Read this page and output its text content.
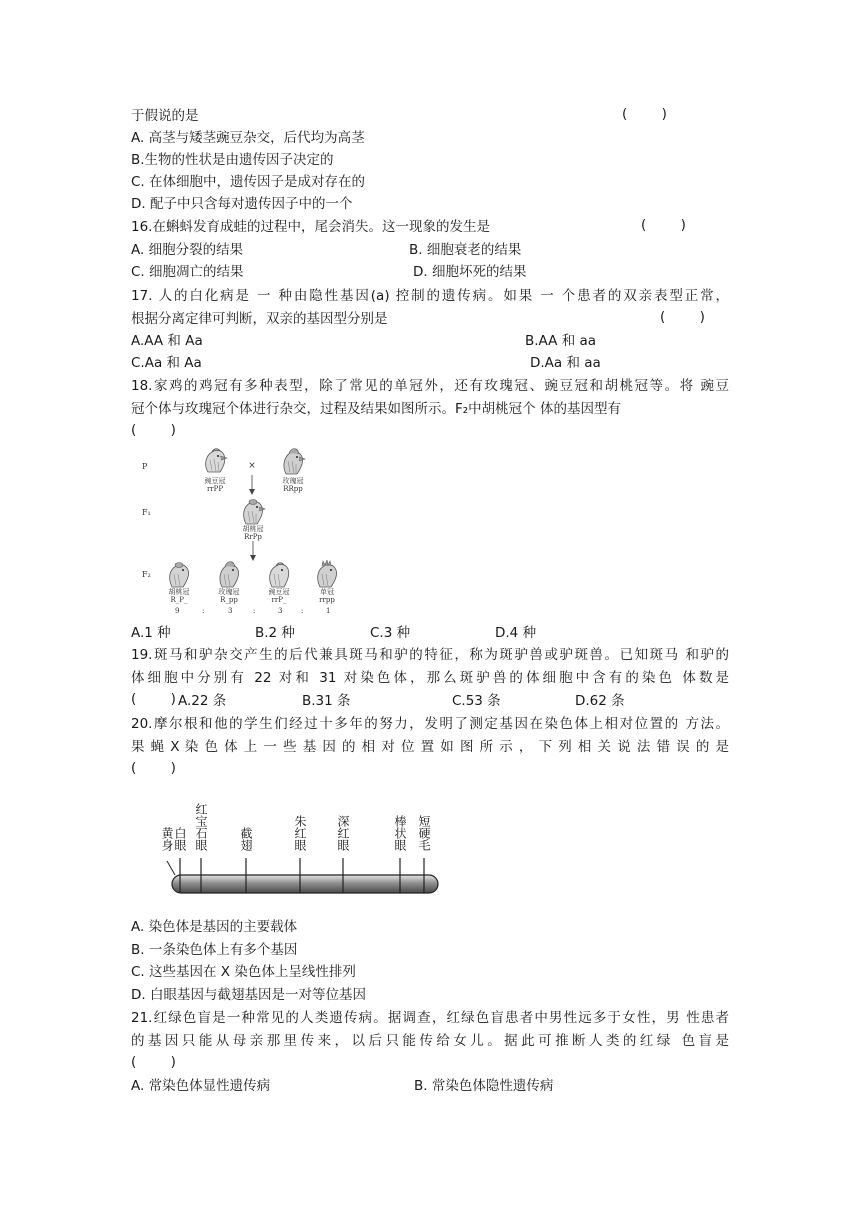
于假说的是	(        )
A. 高茎与矮茎豌豆杂交，后代均为高茎
B.生物的性状是由遗传因子决定的
C. 在体细胞中，遗传因子是成对存在的
D. 配子中只含每对遗传因子中的一个
16.在蝌蚪发育成蛙的过程中，尾会消失。这一现象的发生是	(        )
A. 细胞分裂的结果	B. 细胞衰老的结果
C. 细胞凋亡的结果	D. 细胞坏死的结果
17. 人的白化病是 一 种由隐性基因(a) 控制的遗传病。如果 一 个患者的双亲表型正常，
根据分离定律可判断，双亲的基因型分别是	(        )
A.AA 和 Aa	B.AA 和 aa
C.Aa 和 Aa	D.Aa 和 aa
18.家鸡的鸡冠有多种表型，除了常见的单冠外，还有玫瑰冠、豌豆冠和胡桃冠等。将 豌豆
冠个体与玫瑰冠个体进行杂交，过程及结果如图所示。F₂中胡桃冠个 体的基因型有
(        )
P
F₁
F₂
豌豆冠
rrPP
×
玫瑰冠
RRpp
胡桃冠
RrPp
胡桃冠
R_P_
玫瑰冠
R_pp
豌豆冠
rrP_
单冠
rrpp
9	:	3	:	3	:	1
A.1 种	B.2 种	C.3 种	D.4 种
19.斑马和驴杂交产生的后代兼具斑马和驴的特征，称为斑驴兽或驴斑兽。已知斑马 和驴的
体细胞中分别有 22 对和 31 对染色体，那么斑驴兽的体细胞中含有的染色 体数是
(        ) A.22 条	B.31 条	C.53 条	D.62 条
20.摩尔根和他的学生们经过十多年的努力，发明了测定基因在染色体上相对位置的 方法。
果 蝇 X 染 色 体 上 一 些 基 因 的 相 对 位 置 如 图 所 示 ， 下 列 相 关 说 法 错 误 的 是
(        )
黄身 白眼 红宝石眼	截翅	朱红眼 深红眼	棒状眼 短硬毛
A. 染色体是基因的主要载体
B. 一条染色体上有多个基因
C. 这些基因在 X 染色体上呈线性排列
D. 白眼基因与截翅基因是一对等位基因
21.红绿色盲是一种常见的人类遗传病。据调查，红绿色盲患者中男性远多于女性，男 性患者
的基因只能从母亲那里传来，以后只能传给女儿。据此可推断人类的红绿 色盲是
(        )
A. 常染色体显性遗传病	B. 常染色体隐性遗传病
